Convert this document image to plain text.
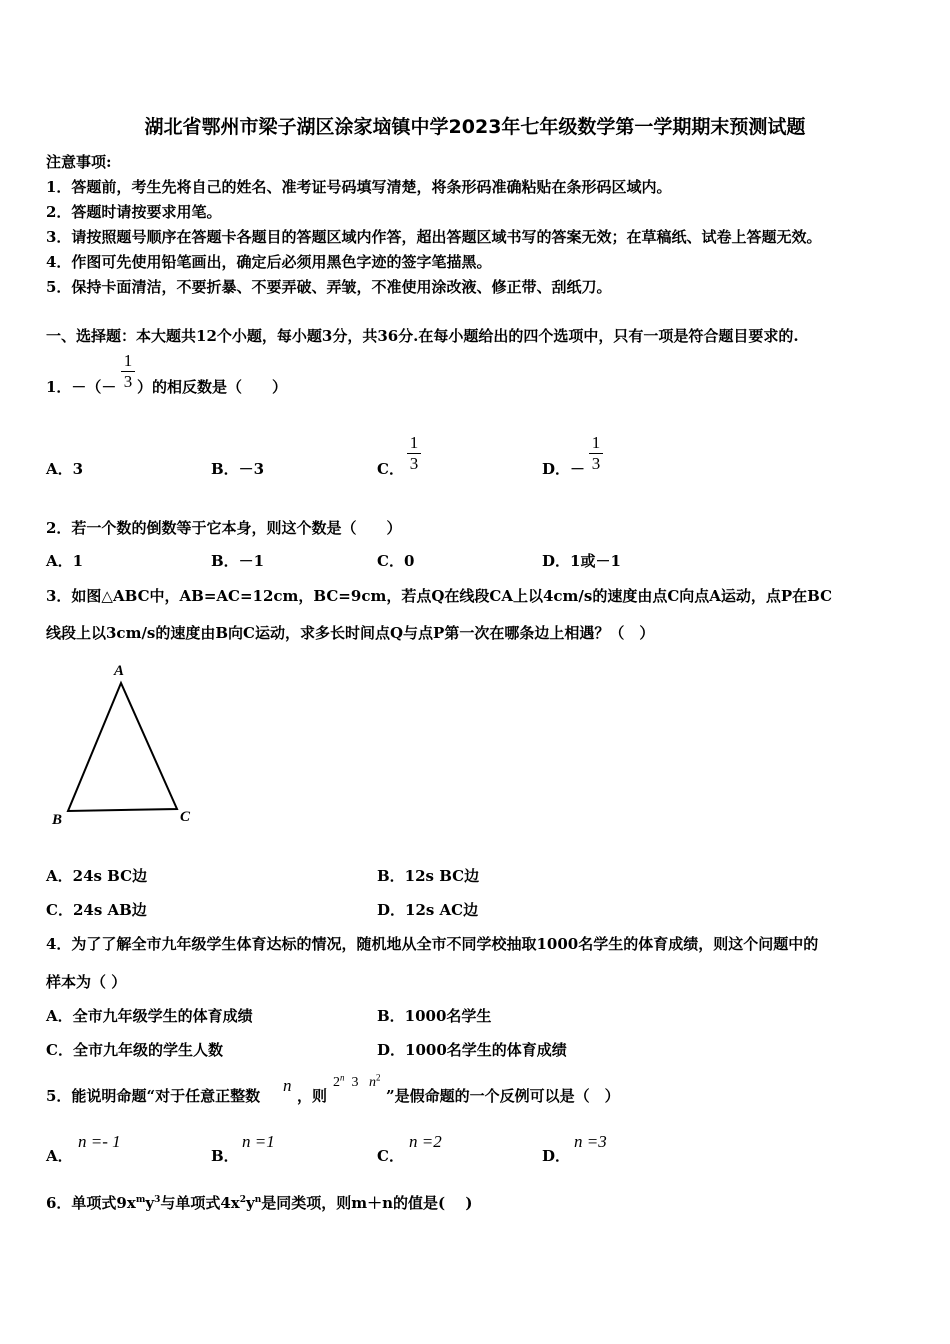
湖北省鄂州市梁子湖区涂家垴镇中学2023年七年级数学第一学期期末预测试题
注意事项:
1．答题前，考生先将自己的姓名、准考证号码填写清楚，将条形码准确粘贴在条形码区域内。
2．答题时请按要求用笔。
3．请按照题号顺序在答题卡各题目的答题区域内作答，超出答题区域书写的答案无效；在草稿纸、试卷上答题无效。
4．作图可先使用铅笔画出，确定后必须用黑色字迹的签字笔描黑。
5．保持卡面清洁，不要折暴、不要弄破、弄皱，不准使用涂改液、修正带、刮纸刀。
一、选择题：本大题共12个小题，每小题3分，共36分.在每小题给出的四个选项中，只有一项是符合题目要求的.
1．－（－
1
3 ）的相反数是（　　）
A．3	B．－3	C．
1
3	D．－
1
3
2．若一个数的倒数等于它本身，则这个数是（　　）
A．1	B．－1	C．0	D．1或－1
3．如图△ABC中，AB=AC=12cm，BC=9cm，若点Q在线段CA上以4cm/s的速度由点C向点A运动，点P在BC
线段上以3cm/s的速度由B向C运动，求多长时间点Q与点P第一次在哪条边上相遇？（　）
A
B	C
A．24s BC边	B．12s BC边
C．24s AB边	D．12s AC边
4．为了了解全市九年级学生体育达标的情况，随机地从全市不同学校抽取1000名学生的体育成绩，则这个问题中的
样本为（ ）
A．全市九年级学生的体育成绩	B．1000名学生
C．全市九年级的学生人数	D．1000名学生的体育成绩
5．能说明命题“对于任意正整数
n
，则
2$^n$  3   $n^2$
”是假命题的一个反例可以是（　）
A．
n =- 1
B．
n =1
C．
n =2
D．
n =3
6．单项式$9x^my^3$与单项式$4x^2y^n$是同类项，则m＋n的值是(　 )
